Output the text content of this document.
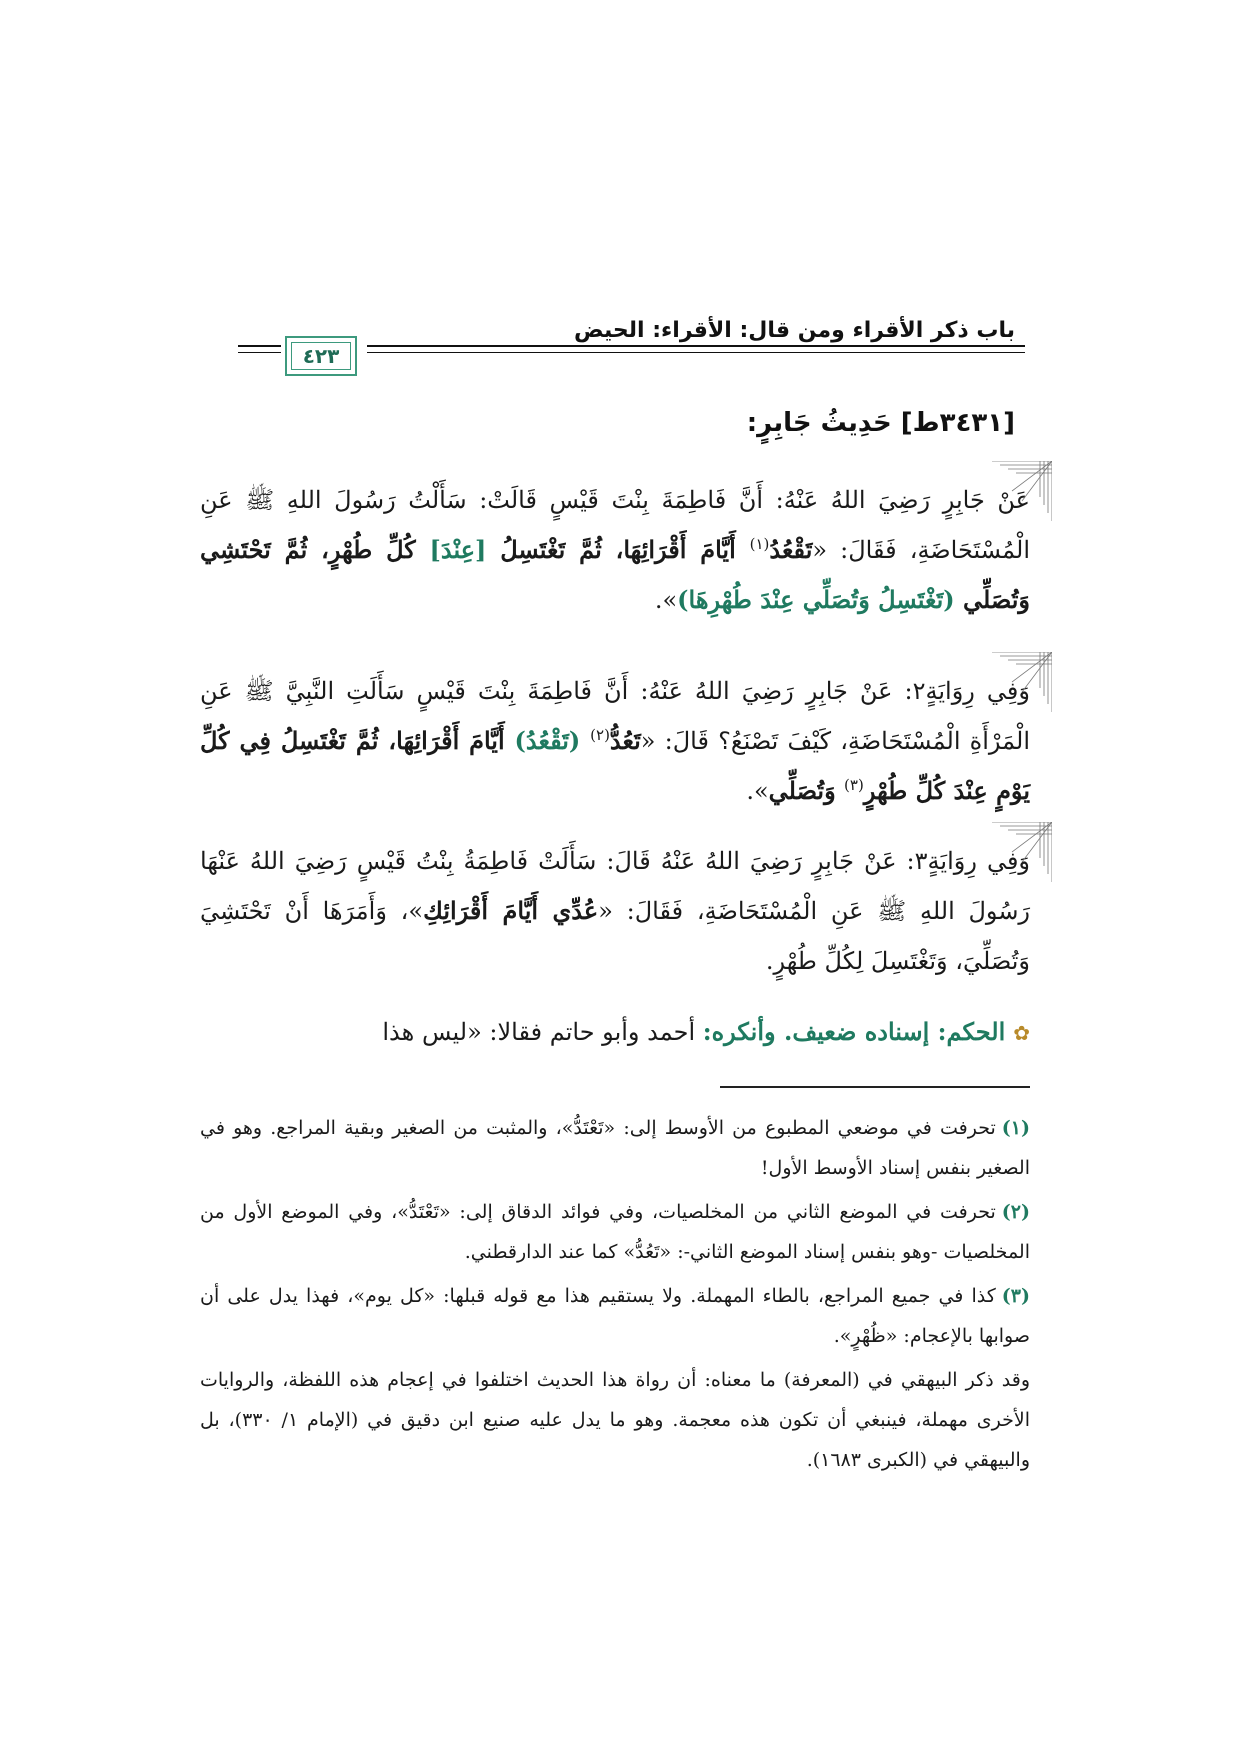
باب ذكر الأقراء ومن قال: الأقراء: الحيض
٤٢٣
[٣٤٣١ط] حَدِيثُ جَابِرٍ:

عَنْ جَابِرٍ رَضِيَ اللهُ عَنْهُ: أَنَّ فَاطِمَةَ بِنْتَ قَيْسٍ قَالَتْ: سَأَلْتُ رَسُولَ اللهِ ﷺ عَنِ الْمُسْتَحَاضَةِ، فَقَالَ: «تَقْعُدُ$^{(١)}$ أَيَّامَ أَقْرَائِهَا، ثُمَّ تَغْتَسِلُ [عِنْدَ] كُلِّ طُهْرٍ، ثُمَّ تَحْتَشِي وَتُصَلِّي (تَغْتَسِلُ وَتُصَلِّي عِنْدَ طُهْرِهَا)».

وَفِي رِوَايَةٍ٢: عَنْ جَابِرٍ رَضِيَ اللهُ عَنْهُ: أَنَّ فَاطِمَةَ بِنْتَ قَيْسٍ سَأَلَتِ النَّبِيَّ ﷺ عَنِ الْمَرْأَةِ الْمُسْتَحَاضَةِ، كَيْفَ تَصْنَعُ؟ قَالَ: «تَعُدُّ$^{(٢)}$ (تَقْعُدُ) أَيَّامَ أَقْرَائِهَا، ثُمَّ تَغْتَسِلُ فِي كُلِّ يَوْمٍ عِنْدَ كُلِّ طُهْرٍ$^{(٣)}$ وَتُصَلِّي».

وَفِي رِوَايَةٍ٣: عَنْ جَابِرٍ رَضِيَ اللهُ عَنْهُ قَالَ: سَأَلَتْ فَاطِمَةُ بِنْتُ قَيْسٍ رَضِيَ اللهُ عَنْهَا رَسُولَ اللهِ ﷺ عَنِ الْمُسْتَحَاضَةِ، فَقَالَ: «عُدِّي أَيَّامَ أَقْرَائِكِ»، وَأَمَرَهَا أَنْ تَحْتَشِيَ وَتُصَلِّيَ، وَتَغْتَسِلَ لِكُلِّ طُهْرٍ.

✿الحكم: إسناده ضعيف. وأنكره: أحمد وأبو حاتم فقالا: «ليس هذا

(١)تحرفت في موضعي المطبوع من الأوسط إلى: «تَعْتَدُّ»، والمثبت من الصغير وبقية المراجع. وهو في الصغير بنفس إسناد الأوسط الأول!

(٢)تحرفت في الموضع الثاني من المخلصيات، وفي فوائد الدقاق إلى: «تَعْتَدُّ»، وفي الموضع الأول من المخلصيات -وهو بنفس إسناد الموضع الثاني-: «تَعُدُّ» كما عند الدارقطني.

(٣)كذا في جميع المراجع، بالطاء المهملة. ولا يستقيم هذا مع قوله قبلها: «كل يوم»، فهذا يدل على أن صوابها بالإعجام: «ظُهْرٍ».

وقد ذكر البيهقي في (المعرفة) ما معناه: أن رواة هذا الحديث اختلفوا في إعجام هذه اللفظة، والروايات الأخرى مهملة، فينبغي أن تكون هذه معجمة. وهو ما يدل عليه صنيع ابن دقيق في (الإمام ١/ ٣٣٠)، بل والبيهقي في (الكبرى ١٦٨٣).
